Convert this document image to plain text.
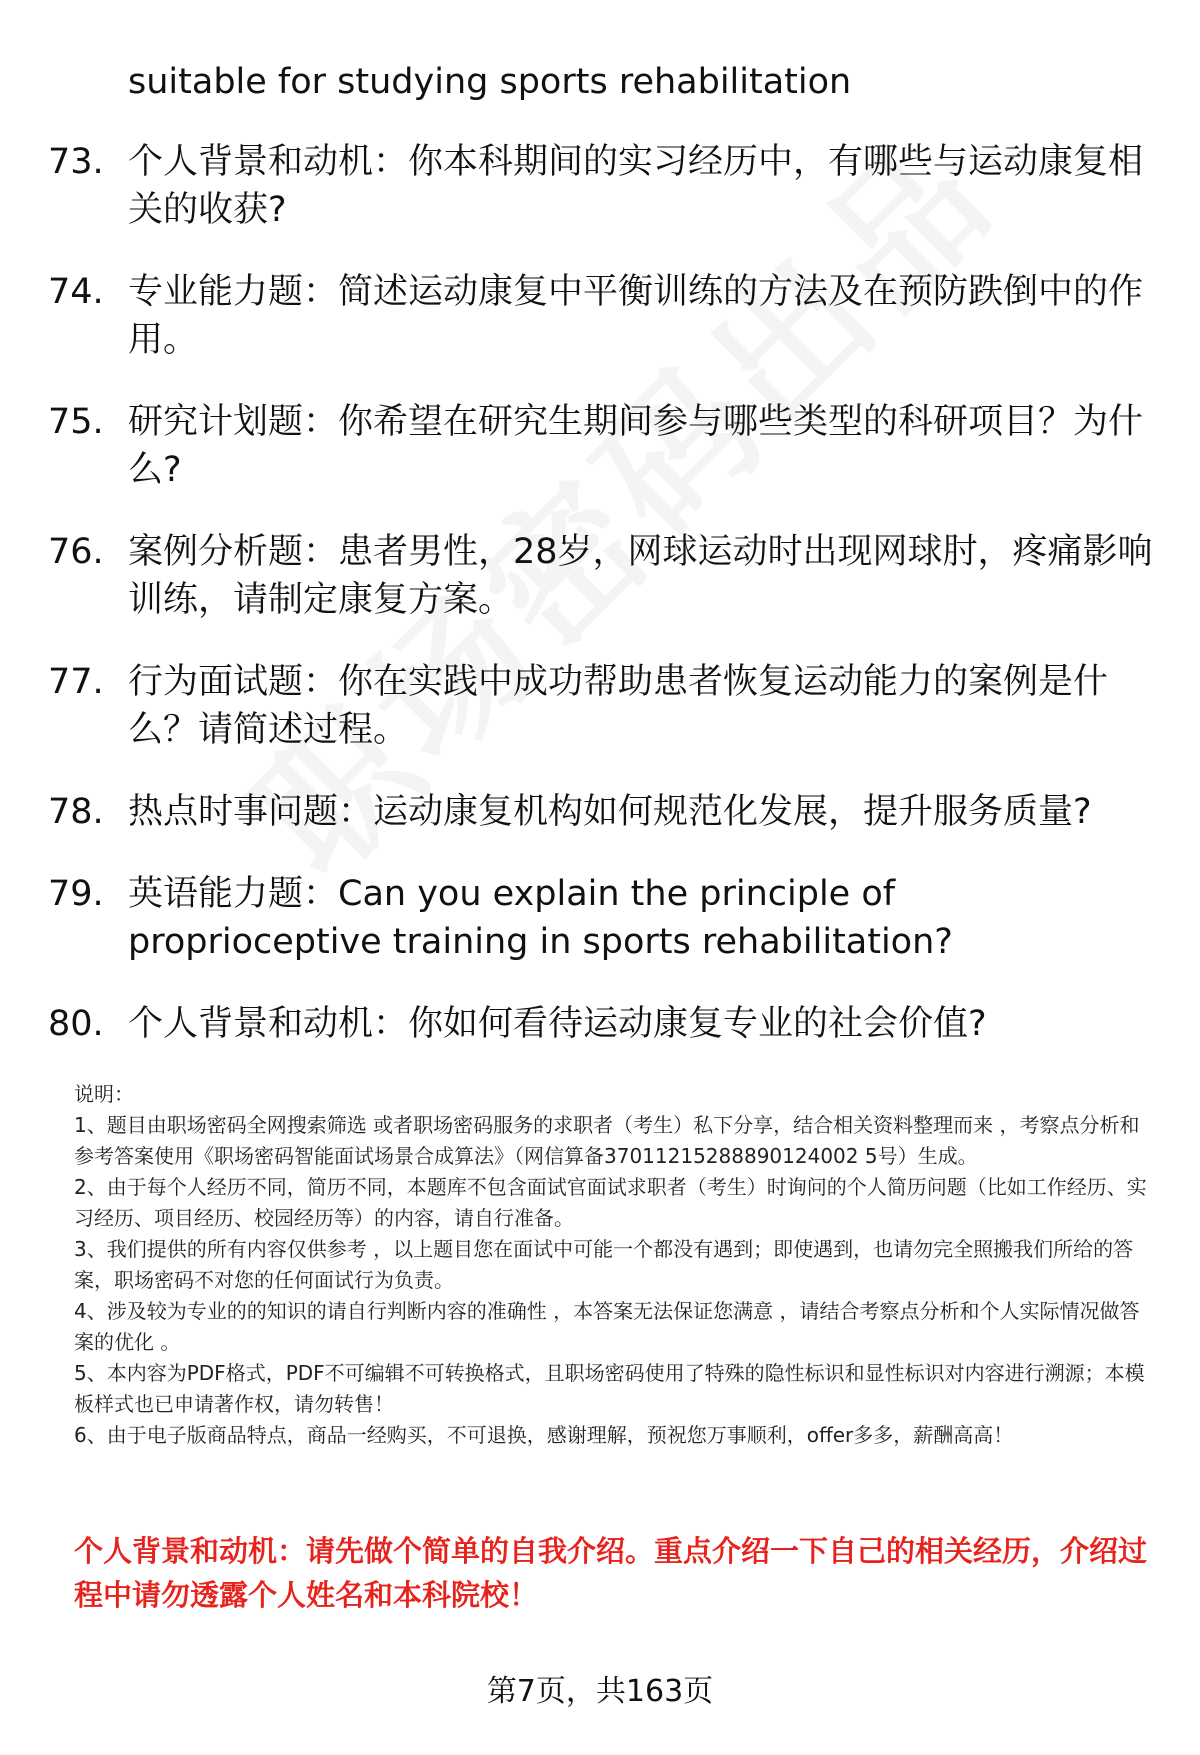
suitable for studying sports rehabilitation
73. 个人背景和动机：你本科期间的实习经历中，有哪些与运动康复相关的收获?
74. 专业能力题：简述运动康复中平衡训练的方法及在预防跌倒中的作用。
75. 研究计划题：你希望在研究生期间参与哪些类型的科研项目？为什么?
76. 案例分析题：患者男性，28岁，网球运动时出现网球肘，疼痛影响训练，请制定康复方案。
77. 行为面试题：你在实践中成功帮助患者恢复运动能力的案例是什么？请简述过程。
78. 热点时事问题：运动康复机构如何规范化发展，提升服务质量?
79. 英语能力题：Can you explain the principle of proprioceptive training in sports rehabilitation?
80. 个人背景和动机：你如何看待运动康复专业的社会价值?

说明：

1、题目由职场密码全网搜索筛选 或者职场密码服务的求职者（考生）私下分享，结合相关资料整理而来 ，考察点分析和参考答案使用《职场密码智能面试场景合成算法》（网信算备37011215288890124002 5号）生成。

2、由于每个人经历不同，简历不同，本题库不包含面试官面试求职者（考生）时询问的个人简历问题（比如工作经历、实习经历、项目经历、校园经历等）的内容，请自行准备。

3、我们提供的所有内容仅供参考 ，以上题目您在面试中可能一个都没有遇到；即使遇到，也请勿完全照搬我们所给的答案，职场密码不对您的任何面试行为负责。

4、涉及较为专业的的知识的请自行判断内容的准确性 ，本答案无法保证您满意 ，请结合考察点分析和个人实际情况做答案的优化 。

5、本内容为PDF格式，PDF不可编辑不可转换格式，且职场密码使用了特殊的隐性标识和显性标识对内容进行溯源；本模板样式也已申请著作权，请勿转售！

6、由于电子版商品特点，商品一经购买，不可退换，感谢理解，预祝您万事顺利，offer多多，薪酬高高！

个人背景和动机：请先做个简单的自我介绍。重点介绍一下自己的相关经历，介绍过程中请勿透露个人姓名和本科院校！
第7页，共163页
